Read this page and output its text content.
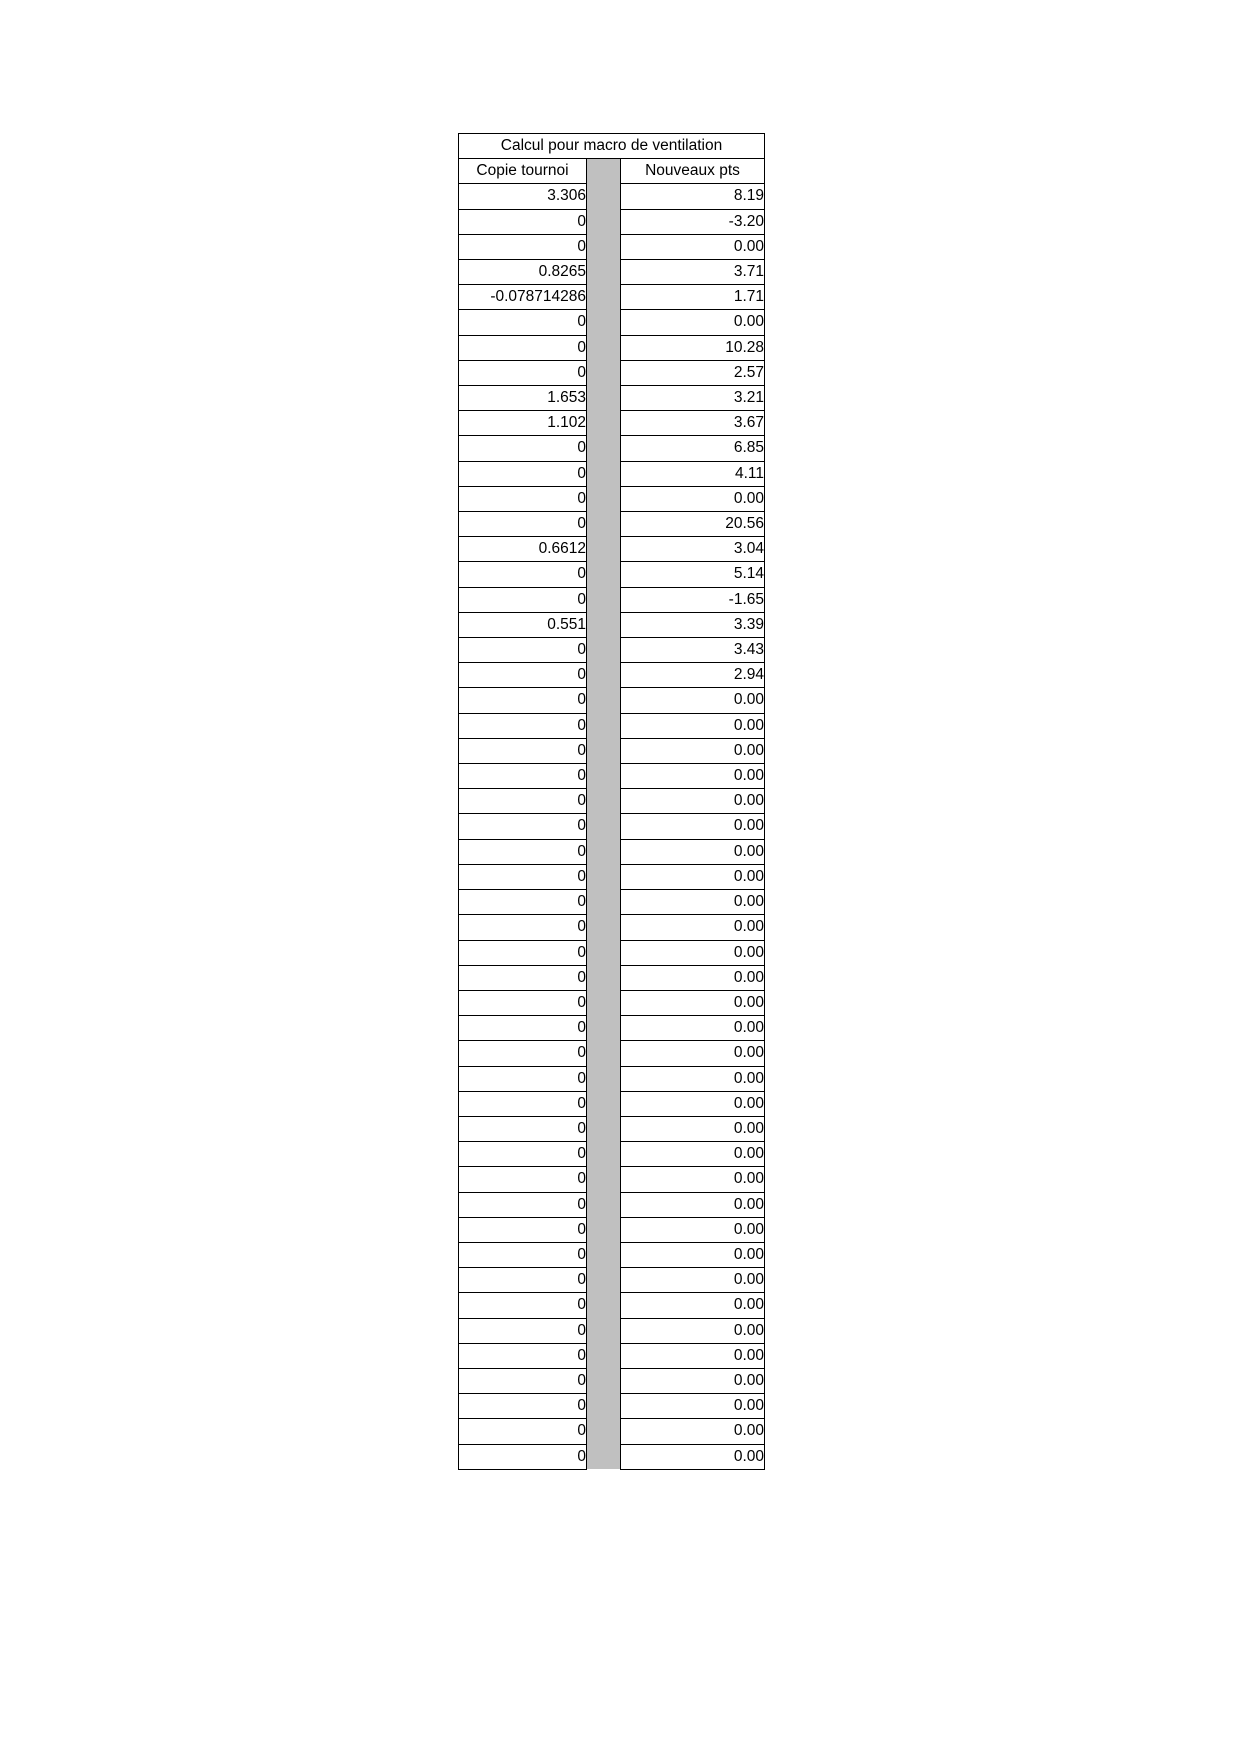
Calcul pour macro de ventilation		
Copie tournoi		Nouveaux pts
3.306		8.19
0		-3.20
0		0.00
0.8265		3.71
-0.078714286		1.71
0		0.00
0		10.28
0		2.57
1.653		3.21
1.102		3.67
0		6.85
0		4.11
0		0.00
0		20.56
0.6612		3.04
0		5.14
0		-1.65
0.551		3.39
0		3.43
0		2.94
0		0.00
0		0.00
0		0.00
0		0.00
0		0.00
0		0.00
0		0.00
0		0.00
0		0.00
0		0.00
0		0.00
0		0.00
0		0.00
0		0.00
0		0.00
0		0.00
0		0.00
0		0.00
0		0.00
0		0.00
0		0.00
0		0.00
0		0.00
0		0.00
0		0.00
0		0.00
0		0.00
0		0.00
0		0.00
0		0.00
0		0.00
